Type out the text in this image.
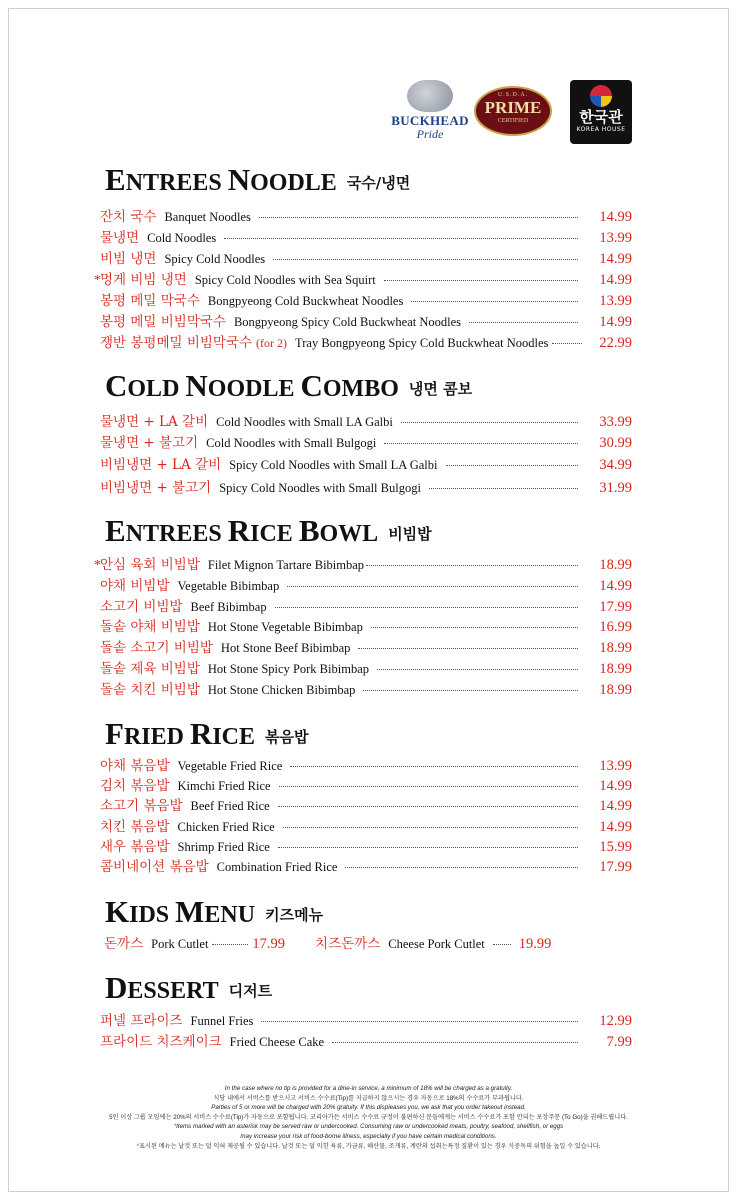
BUCKHEAD
Pride
U.S.D.A.
PRIME
CERTIFIED	한국관
KOREA HOUSE
ENTREES NOODLE 국수/냉면
잔치 국수 Banquet Noodles	14.99
물냉면 Cold Noodles	13.99
비빔 냉면 Spicy Cold Noodles	14.99
* 멍게 비빔 냉면 Spicy Cold Noodles with Sea Squirt	14.99
봉평 메밀 막국수 Bongpyeong Cold Buckwheat Noodles	13.99
봉평 메밀 비빔막국수 Bongpyeong Spicy Cold Buckwheat Noodles	14.99
쟁반 봉평메밀 비빔막국수 (for 2) Tray Bongpyeong Spicy Cold Buckwheat Noodles	22.99
COLD NOODLE COMBO 냉면 콤보
물냉면 + LA 갈비 Cold Noodles with Small LA Galbi	33.99
물냉면 + 불고기 Cold Noodles with Small Bulgogi	30.99
비빔냉면 + LA 갈비 Spicy Cold Noodles with Small LA Galbi	34.99
비빔냉면 + 불고기 Spicy Cold Noodles with Small Bulgogi	31.99
ENTREES RICE BOWL 비빔밥
* 안심 육회 비빔밥 Filet Mignon Tartare Bibimbap	18.99
야채 비빔밥 Vegetable Bibimbap	14.99
소고기 비빔밥 Beef Bibimbap	17.99
돌솥 야채 비빔밥 Hot Stone Vegetable Bibimbap	16.99
돌솥 소고기 비빔밥 Hot Stone Beef Bibimbap	18.99
돌솥 제육 비빔밥 Hot Stone Spicy Pork Bibimbap	18.99
돌솥 치킨 비빔밥 Hot Stone Chicken Bibimbap	18.99
FRIED RICE 볶음밥
야채 볶음밥 Vegetable Fried Rice	13.99
김치 볶음밥 Kimchi Fried Rice	14.99
소고기 볶음밥 Beef Fried Rice	14.99
치킨 볶음밥 Chicken Fried Rice	14.99
새우 볶음밥 Shrimp Fried Rice	15.99
콤비네이션 볶음밥 Combination Fried Rice	17.99
KIDS MENU 키즈메뉴
돈까스 Pork Cutlet	17.99 치즈돈까스 Cheese Pork Cutlet 19.99
DESSERT 디저트
퍼넬 프라이즈 Funnel Fries	12.99
프라이드 치즈케이크 Fried Cheese Cake	7.99
In the case where no tip is provided for a dine-in service, a minimum of 18% will be charged as a gratuity.
식당 내에서 서비스를 받으시고 서비스 수수료(Tip)를 지급하지 않으시는 경우 자동으로 18%의 수수료가 부과됩니다.
Parties of 5 or more will be charged with 20% gratuity. If this displeases you, we ask that you order takeout instead.
5인 이상 그룹 모임에는 20%의 서비스 수수료(Tip)가 자동으로 포함됩니다. 코리아가든 서비스 수수료 규정이 불편하신 분들에게는 서비스 수수료가 포함 안되는 포장주문 (To Go)을 권해드립니다.
*Items marked with an asterisk may be served raw or undercooked. Consuming raw or undercooked meats, poultry, seafood, shellfish, or eggs
may increase your risk of food-borne illness, especially if you have certain medical conditions.
*표시된 메뉴는 날것 또는 덜 익혀 제공될 수 있습니다. 날것 또는 덜 익힌 육류, 가금류, 해산물, 조개류, 계란의 섭취는특정 질환이 있는 경우 식중독의 위험을 높일 수 있습니다.
